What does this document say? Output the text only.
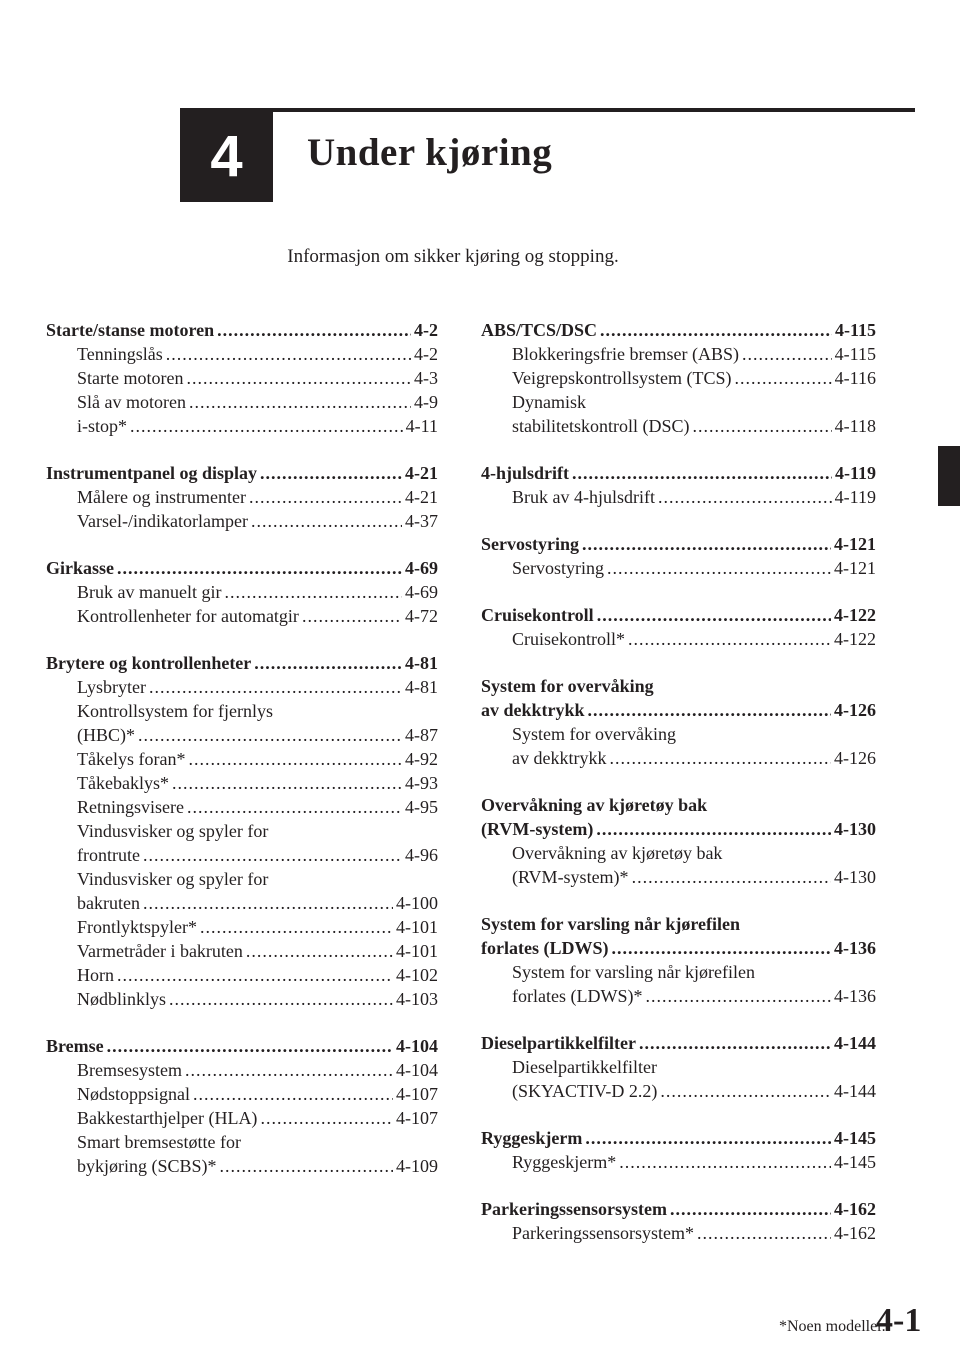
4	Under kjøring
Informasjon om sikker kjøring og stopping.
Starte/stanse motoren .....	4-2
Tenningslås .....	4-2
Starte motoren .....	4-3
Slå av motoren .....	4-9
i-stop* .....	4-11
Instrumentpanel og display .....	4-21
Målere og instrumenter .....	4-21
Varsel-/indikatorlamper .....	4-37
Girkasse .....	4-69
Bruk av manuelt gir .....	4-69
Kontrollenheter for automatgir .....	4-72
Brytere og kontrollenheter .....	4-81
Lysbryter .....	4-81
Kontrollsystem for fjernlys
(HBC)* .....	4-87
Tåkelys foran* .....	4-92
Tåkebaklys* .....	4-93
Retningsvisere .....	4-95
Vindusvisker og spyler for
frontrute .....	4-96
Vindusvisker og spyler for
bakruten .....	4-100
Frontlyktspyler* .....	4-101
Varmetråder i bakruten .....	4-101
Horn .....	4-102
Nødblinklys .....	4-103
Bremse .....	4-104
Bremsesystem .....	4-104
Nødstoppsignal .....	4-107
Bakkestarthjelper (HLA) .....	4-107
Smart bremsestøtte for
bykjøring (SCBS)* .....	4-109
ABS/TCS/DSC .....	4-115
Blokkeringsfrie bremser (ABS) .....	4-115
Veigrepskontrollsystem (TCS) .....	4-116
Dynamisk
stabilitetskontroll (DSC) .....	4-118
4-hjulsdrift .....	4-119
Bruk av 4-hjulsdrift .....	4-119
Servostyring .....	4-121
Servostyring .....	4-121
Cruisekontroll .....	4-122
Cruisekontroll* .....	4-122
System for overvåking
av dekktrykk .....	4-126
System for overvåking
av dekktrykk .....	4-126
Overvåkning av kjøretøy bak
(RVM-system) .....	4-130
Overvåkning av kjøretøy bak
(RVM-system)* .....	4-130
System for varsling når kjørefilen
forlates (LDWS) .....	4-136
System for varsling når kjørefilen
forlates (LDWS)* .....	4-136
Dieselpartikkelfilter .....	4-144
Dieselpartikkelfilter
(SKYACTIV-D 2.2) .....	4-144
Ryggeskjerm .....	4-145
Ryggeskjerm* .....	4-145
Parkeringssensorsystem .....	4-162
Parkeringssensorsystem* .....	4-162
*Noen modeller.
4-1
